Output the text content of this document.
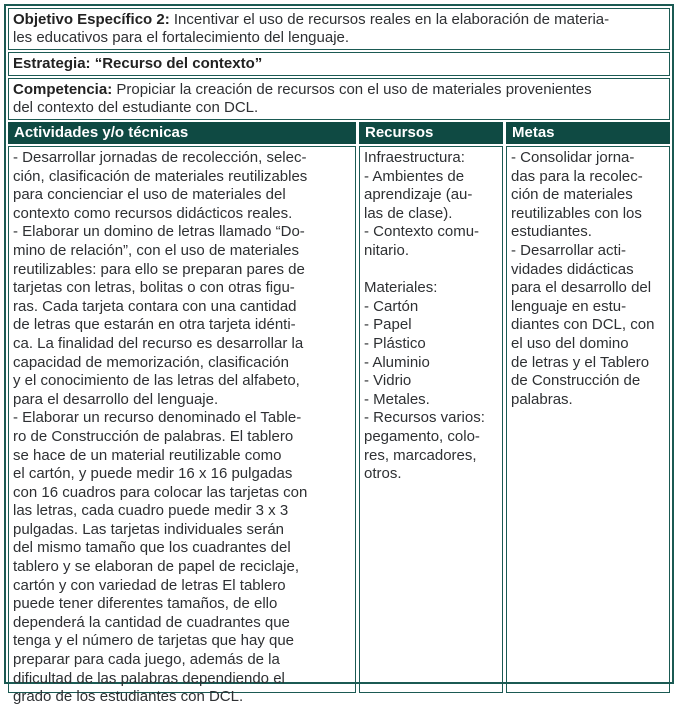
Objetivo Específico 2: Incentivar el uso de recursos reales en la elaboración de materia-
les educativos para el fortalecimiento del lenguaje.
Estrategia: “Recurso del contexto”
Competencia: Propiciar la creación de recursos con el uso de materiales provenientes
del contexto del estudiante con DCL.
Actividades y/o técnicas	Recursos	Metas
- Desarrollar jornadas de recolección, selec-
ción, clasificación de materiales reutilizables
para concienciar el uso de materiales del
contexto como recursos didácticos reales.
- Elaborar un domino de letras llamado “Do-
mino de relación”, con el uso de materiales
reutilizables: para ello se preparan pares de
tarjetas con letras, bolitas o con otras figu-
ras. Cada tarjeta contara con una cantidad
de letras que estarán en otra tarjeta idénti-
ca. La finalidad del recurso es desarrollar la
capacidad de memorización, clasificación
y el conocimiento de las letras del alfabeto,
para el desarrollo del lenguaje.
- Elaborar un recurso denominado el Table-
ro de Construcción de palabras. El tablero
se hace de un material reutilizable como
el cartón, y puede medir 16 x 16 pulgadas
con 16 cuadros para colocar las tarjetas con
las letras, cada cuadro puede medir 3 x 3
pulgadas. Las tarjetas individuales serán
del mismo tamaño que los cuadrantes del
tablero y se elaboran de papel de reciclaje,
cartón y con variedad de letras El tablero
puede tener diferentes tamaños, de ello
dependerá la cantidad de cuadrantes que
tenga y el número de tarjetas que hay que
preparar para cada juego, además de la
dificultad de las palabras dependiendo el
grado de los estudiantes con DCL.
Infraestructura:
- Ambientes de
aprendizaje (au-
las de clase).
- Contexto comu-
nitario.
Materiales:
- Cartón
- Papel
- Plástico
- Aluminio
- Vidrio
- Metales.
- Recursos varios:
pegamento, colo-
res, marcadores,
otros.
- Consolidar jorna-
das para la recolec-
ción de materiales
reutilizables con los
estudiantes.
- Desarrollar acti-
vidades didácticas
para el desarrollo del
lenguaje en estu-
diantes con DCL, con
el uso del domino
de letras y el Tablero
de Construcción de
palabras.
